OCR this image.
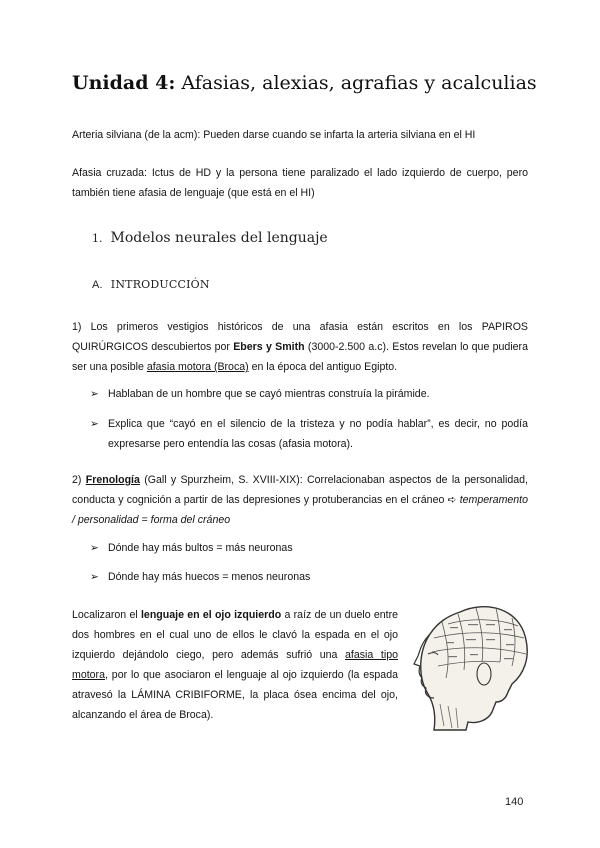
Unidad 4: Afasias, alexias, agrafias y acalculias
Arteria silviana (de la acm): Pueden darse cuando se infarta la arteria silviana en el HI
Afasia cruzada: Ictus de HD y la persona tiene paralizado el lado izquierdo de cuerpo, pero también tiene afasia de lenguaje (que está en el HI)
1. Modelos neurales del lenguaje
A. INTRODUCCIÓN
1) Los primeros vestigios históricos de una afasia están escritos en los PAPIROS QUIRÚRGICOS descubiertos por Ebers y Smith (3000-2.500 a.c). Estos revelan lo que pudiera ser una posible afasia motora (Broca) en la época del antiguo Egipto.
➢ Hablaban de un hombre que se cayó mientras construía la pirámide.
➢ Explica que “cayó en el silencio de la tristeza y no podía hablar”, es decir, no podía expresarse pero entendía las cosas (afasia motora).
2) Frenología (Gall y Spurzheim, S. XVIII-XIX): Correlacionaban aspectos de la personalidad, conducta y cognición a partir de las depresiones y protuberancias en el cráneo ➪ temperamento / personalidad = forma del cráneo
➢ Dónde hay más bultos = más neuronas
➢ Dónde hay más huecos = menos neuronas
Localizaron el lenguaje en el ojo izquierdo a raíz de un duelo entre dos hombres en el cual uno de ellos le clavó la espada en el ojo izquierdo dejándolo ciego, pero además sufrió una afasia tipo motora, por lo que asociaron el lenguaje al ojo izquierdo (la espada atravesó la LÁMINA CRIBIFORME, la placa ósea encima del ojo, alcanzando el área de Broca).
140
